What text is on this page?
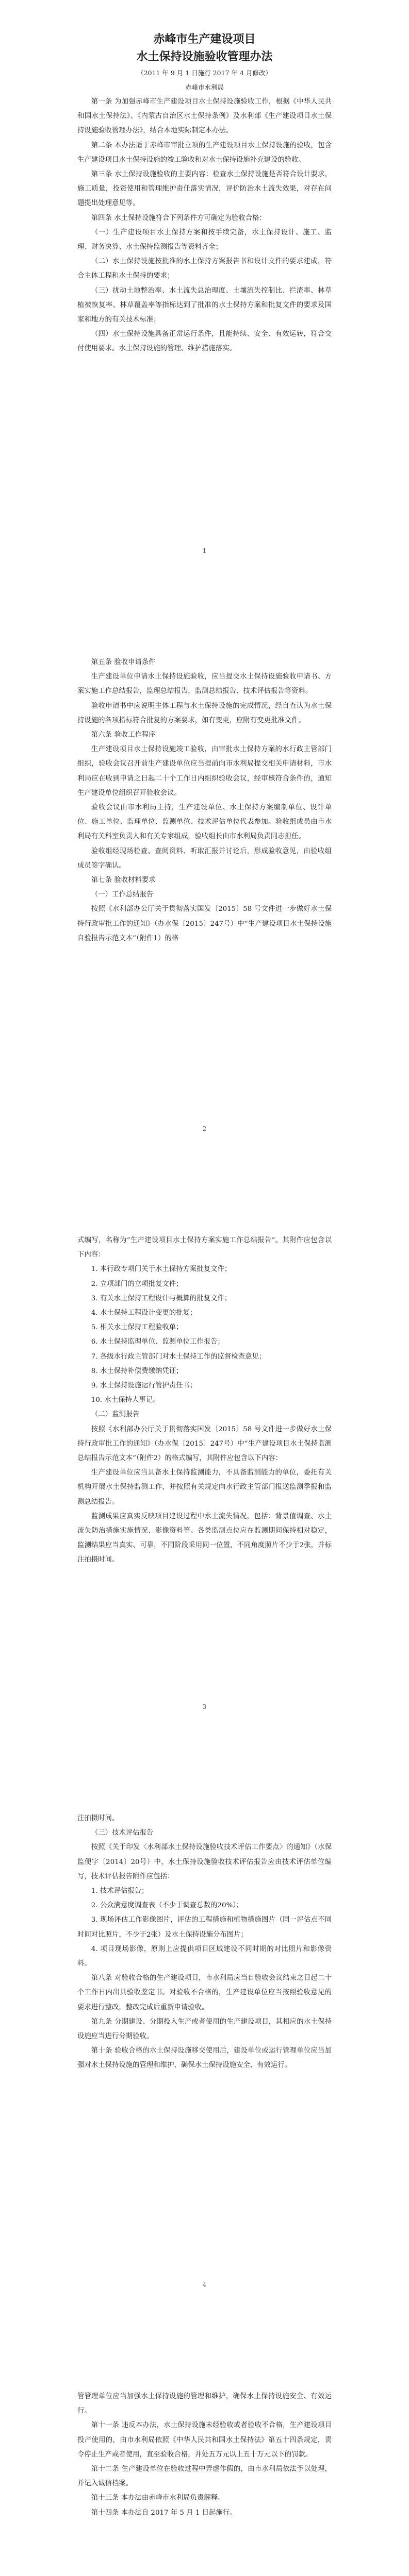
赤峰市生产建设项目

水土保持设施验收管理办法

（2011 年 9 月 1 日施行 2017 年 4 月修改）

赤峰市水利局

第一条 为加强赤峰市生产建设项目水土保持设施验收工作，根据《中华人民共和国水土保持法》、《内蒙古自治区水土保持条例》及水利部《生产建设项目水土保持设施验收管理办法》，结合本地实际制定本办法。

第二条 本办法适于赤峰市审批立项的生产建设项目水土保持设施的验收，包含生产建设项目水土保持设施的竣工验收和对水土保持设施补充建设的验收。

第三条 水土保持设施验收的主要内容：检查水土保持设施是否符合设计要求，施工质量，投资使用和管理维护责任落实情况，评价防治水土流失效果，对存在问题提出处理意见等。

第四条 水土保持设施符合下列条件方可确定为验收合格：

（一）生产建设项目水土保持方案和按手续完备，水土保持设计、施工、监理、财务决算、水土保持监测报告等资料齐全；

（二）水土保持设施按批准的水土保持方案报告书和设计文件的要求建成，符合主体工程和水土保持的要求；

（三）扰动土地整治率、水土流失总治理度、土壤流失控制比、拦渣率、林草植被恢复率、林草覆盖率等指标达到了批准的水土保持方案和批复文件的要求及国家和地方的有关技术标准；

（四）水土保持设施具备正常运行条件，且能持续、安全、有效运转，符合交付使用要求。水土保持设施的管理、维护措施落实。

1

第五条 验收申请条件

生产建设单位申请水土保持设施验收，应当提交水土保持设施验收申请书、方案实施工作总结报告，监理总结报告，监测总结报告、技术评估报告等资料。

验收申请书中应说明主体工程与水土保持设施的完成情况，经自查认为水土保持设施的各项指标符合批复的方案要求，如有变更，应附有变更批准文件。

第六条 验收工作程序

生产建设项目水土保持设施竣工验收，由审批水土保持方案的水行政主管部门组织，验收会议召开前生产建设单位应当提前向市水利局提交相关申请材料，市水利局应在收到申请之日起二十个工作日内组织验收会议，经审核符合条件的，通知生产建设单位组织召开验收会议。

验收会议由市水利局主持，生产建设单位、水土保持方案编制单位、设计单位、施工单位、监理单位、监测单位、技术评估单位代表参加。验收组成员由市水利局有关科室负责人和有关专家组成，验收组长由市水利局负责同志担任。

验收组经现场检查、查阅资料、听取汇报并讨论后，形成验收意见，由验收组成员签字确认。

第七条 验收材料要求

（一）工作总结报告

按照《水利部办公厅关于贯彻落实国发〔2015〕58 号文件进一步做好水土保持行政审批工作的通知》（办水保〔2015〕247号）中“生产建设项目水土保持设施自验报告示范文本”（附件1）的格

2

式编写，名称为“生产建设项目水土保持方案实施工作总结报告”。其附件应包含以下内容：

1. 本行政专项门关于水土保持方案批复文件；

2. 立项部门的立项批复文件；

3. 有关水土保持工程设计与概算的批复文件；

4. 水土保持工程设计变更的批复；

5. 相关水土保持工程验收单；

6. 水土保持监理单位、监测单位工作报告；

7. 各级水行政主管部门对水土保持工作的监督检查意见；

8. 水土保持补偿费缴纳凭证；

9. 水土保持设施运行管护责任书；

10. 水土保持大事记。

（二）监测报告

按照《水利部办公厅关于贯彻落实国发〔2015〕58 号文件进一步做好水土保持行政审批工作的通知》（办水保〔2015〕247号）中“生产建设项目水土保持监测总结报告示范文本”（附件2）的格式编写，其附件应包含以下内容：

生产建设单位应当具备水土保持监测能力，不具备监测能力的单位，委托有关机构开展水土保持监测工作，并按照有关规定向水行政主管部门报送监测季报和监测总结报告。

监测成果应真实反映项目建设过程中水土流失情况，包括：背景值调查、水土流失防治措施实施情况、影像资料等。各类监测点位应在监测期间保持相对稳定，监测结果应当真实、可靠，不同阶段采用同一位置，不同角度照片不少于2张，并标注拍摄时间。

3

注拍摄时间。

（三）技术评估报告

按照《关于印发〈水利部水土保持设施验收技术评估工作要点〉的通知》（水保监便字〔2014〕20号）中，水土保持设施验收技术评估报告应由技术评估单位编写，技术评估报告附件应包括：

1. 技术评估报告；

2. 公众满意度调查表（不少于调查总数的20%）；

3. 现场评估工作影像图片，评估的工程措施和植物措施图片（同一评估点不同时间对比照片，不少于2张）及水土保持设施分布图片；

4. 项目现场影像，原则上应提供项目区域建设不同时期的对比照片和影像资料。

第八条 对验收合格的生产建设项目，市水利局应当自验收会议结束之日起二十个工作日内出具验收鉴定书。对验收不合格的，生产建设单位应当按照验收意见的要求进行整改，整改完成后重新申请验收。

第九条 分期建设、分期投入生产或者使用的生产建设项目，其相应的水土保持设施应当进行分期验收。

第十条 验收合格的水土保持设施移交使用后，建设单位或运行管理单位应当加强对水土保持设施的管理和维护，确保水土保持设施安全、有效运行。

4

管管理单位应当加强水土保持设施的管理和维护，确保水土保持设施安全、有效运行。

第十一条 违反本办法，水土保持设施未经验收或者验收不合格，生产建设项目投产使用的，由市水利局依照《中华人民共和国水土保持法》第五十四条规定，责令停止生产或者使用，直至验收合格，并处五万元以上五十万元以下的罚款。

第十二条 生产建设单位在验收过程中弄虚作假的，由市水利局依法予以处理，并记入诚信档案。

第十三条 本办法由赤峰市水利局负责解释。

第十四条 本办法自 2017 年 5 月 1 日起施行。
